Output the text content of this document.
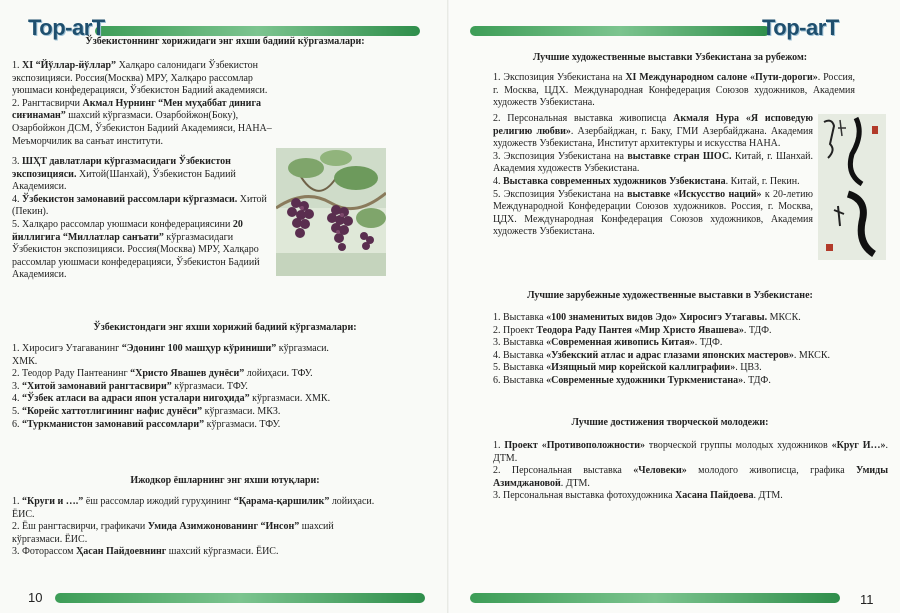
Top-arT
Ўзбекистоннинг хорижидаги энг яхши бадиий кўргазмалари:

1. XI “Йўллар-йўллар” Халқаро салонидаги Ўзбекистон экспозицияси. Россия(Москва) МРУ, Халқаро рассомлар уюшмаси конфедерацияси, Ўзбекистон Бадиий академияси.

2. Рангтасвирчи Акмал Нурнинг “Мен муҳаббат динига сиғинаман” шахсий кўргазмаси. Озарбойжон(Боку), Озарбойжон ДСМ, Ўзбекистон Бадиий Академияси, НАНА–Меъморчилик ва санъат институти.

3. ШҲТ давлатлари кўргазмасидаги Ўзбекистон экспозицияси. Хитой(Шанхай), Ўзбекистон Бадиий Академияси.

4. Ўзбекистон замонавий рассомлари кўргазмаси. Хитой (Пекин).

5. Халқаро рассомлар уюшмаси конфедерациясини 20 йиллигига “Миллатлар санъати” кўргазмасидаги Ўзбекистон экспозицияси. Россия(Москва) МРУ, Халқаро рассомлар уюшмаси конфедерацияси, Ўзбекистон Бадиий Академияси.

Ўзбекистондаги энг яхши хорижий бадиий кўргазмалари:

1. Хиросигэ Утагаванинг “Эдонинг 100 машҳур кўриниши” кўргазмаси. ХМК.

2. Теодор Раду Пантеанинг “Христо Явашев дунёси” лойиҳаси. ТФУ.

3. “Хитой замонавий рангтасвири” кўргазмаси. ТФУ.

4. “Ўзбек атласи ва адраси япон усталари нигоҳида” кўргазмаси. ХМК.

5. “Корейс хаттотлигининг нафис дунёси” кўргазмаси. МКЗ.

6. “Туркманистон замонавий рассомлари” кўргазмаси. ТФУ.

Ижодкор ёшларнинг энг яхши ютуқлари:

1. “Круги и ….” ёш рассомлар ижодий гуруҳининг “Қарама-қаршилик” лойиҳаси. ЁИС.

2. Ёш рангтасвирчи, графикачи Умида Азимжонованинг “Инсон” шахсий кўргазмаси. ЁИС.

3. Фоторассом Ҳасан Пайдоевнинг шахсий кўргазмаси. ЁИС.

10
Top-arT
Лучшие художественные выставки Узбекистана за рубежом:

1. Экспозиция Узбекистана на XI Международном салоне «Пути-дороги». Россия, г. Москва, ЦДХ. Международная Конфедерация Союзов художников, Академия художеств Узбекистана.

2. Персональная выставка живописца Акмаля Нура «Я исповедую религию любви». Азербайджан, г. Баку, ГМИ Азербайджана. Академия художеств Узбекистана, Институт архитектуры и искусства НАНА.

3. Экспозиция Узбекистана на выставке стран ШОС. Китай, г. Шанхай. Академия художеств Узбекистана.

4. Выставка современных художников Узбекистана. Китай, г. Пекин.

5. Экспозиция Узбекистана на выставке «Искусство наций» к 20-летию Международной Конфедерации Союзов художников. Россия, г. Москва, ЦДХ. Международная Конфедерация Союзов художников, Академия художеств Узбекистана.

Лучшие зарубежные художественные выставки в Узбекистане:

1. Выставка «100 знаменитых видов Эдо» Хиросигэ Утагавы. МКСК.

2. Проект Теодора Раду Пантея «Мир Христо Явашева». ТДФ.

3. Выставка «Современная живопись Китая». ТДФ.

4. Выставка «Узбекский атлас и адрас глазами японских мастеров». МКСК.

5. Выставка «Изящный мир корейской каллиграфии». ЦВЗ.

6. Выставка «Современные художники Туркменистана». ТДФ.

Лучшие достижения творческой молодежи:

1. Проект «Противоположности» творческой группы молодых художников «Круг И…». ДТМ.

2. Персональная выставка «Человеки» молодого живописца, графика Умиды Азимджановой. ДТМ.

3. Персональная выставка фотохудожника Хасана Пайдоева. ДТМ.

11
